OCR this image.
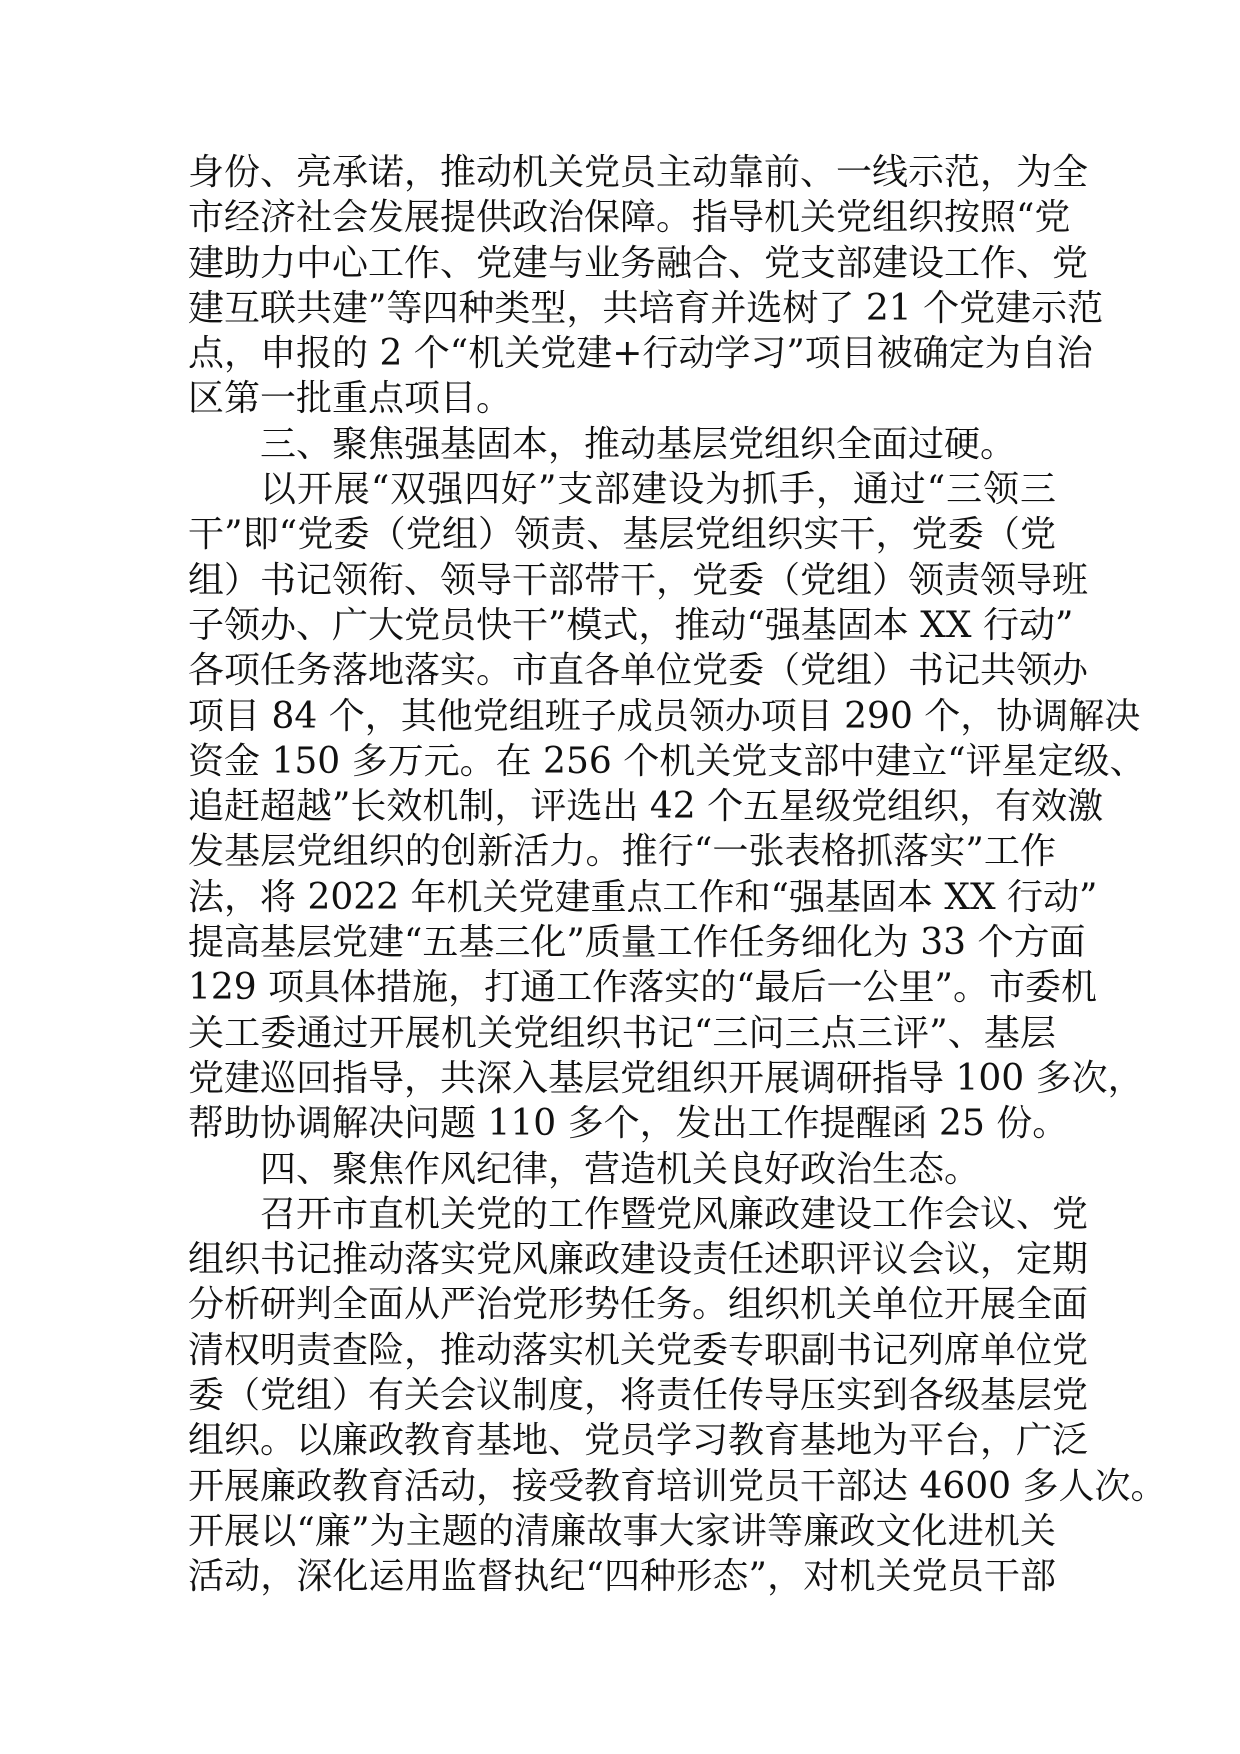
身份、亮承诺，推动机关党员主动靠前、一线示范，为全
市经济社会发展提供政治保障。指导机关党组织按照“党
建助力中心工作、党建与业务融合、党支部建设工作、党
建互联共建”等四种类型，共培育并选树了 21 个党建示范
点，申报的 2 个“机关党建+行动学习”项目被确定为自治
区第一批重点项目。
三、聚焦强基固本，推动基层党组织全面过硬。
以开展“双强四好”支部建设为抓手，通过“三领三
干”即“党委（党组）领责、基层党组织实干，党委（党
组）书记领衔、领导干部带干，党委（党组）领责领导班
子领办、广大党员快干”模式，推动“强基固本 XX 行动”
各项任务落地落实。市直各单位党委（党组）书记共领办
项目 84 个，其他党组班子成员领办项目 290 个，协调解决
资金 150 多万元。在 256 个机关党支部中建立“评星定级、
追赶超越”长效机制，评选出 42 个五星级党组织，有效激
发基层党组织的创新活力。推行“一张表格抓落实”工作
法，将 2022 年机关党建重点工作和“强基固本 XX 行动”
提高基层党建“五基三化”质量工作任务细化为 33 个方面
129 项具体措施，打通工作落实的“最后一公里”。市委机
关工委通过开展机关党组织书记“三问三点三评”、基层
党建巡回指导，共深入基层党组织开展调研指导 100 多次，
帮助协调解决问题 110 多个，发出工作提醒函 25 份。
四、聚焦作风纪律，营造机关良好政治生态。
召开市直机关党的工作暨党风廉政建设工作会议、党
组织书记推动落实党风廉政建设责任述职评议会议，定期
分析研判全面从严治党形势任务。组织机关单位开展全面
清权明责查险，推动落实机关党委专职副书记列席单位党
委（党组）有关会议制度，将责任传导压实到各级基层党
组织。以廉政教育基地、党员学习教育基地为平台，广泛
开展廉政教育活动，接受教育培训党员干部达 4600 多人次。
开展以“廉”为主题的清廉故事大家讲等廉政文化进机关
活动，深化运用监督执纪“四种形态”，对机关党员干部
